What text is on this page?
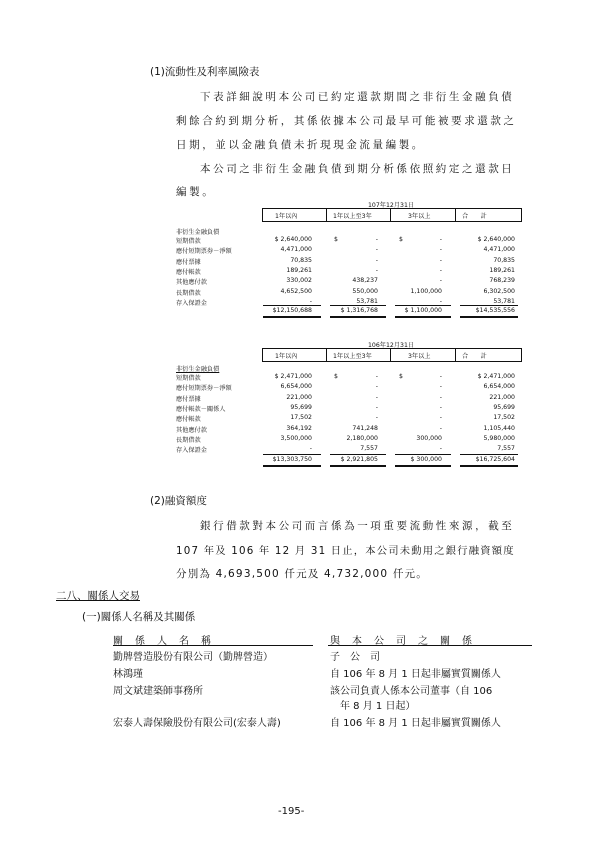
(1)流動性及利率風險表
下表詳細說明本公司已約定還款期間之非衍生金融負債
剩餘合約到期分析，其係依據本公司最早可能被要求還款之
日期，並以金融負債未折現現金流量編製。
本公司之非衍生金融負債到期分析係依照約定之還款日
編製。
107年12月31日
1年以內	1年以上至3年	3年以上	合　　計
非衍生金融負債
短期借款	$ 2,640,000	$	-	$	-	$ 2,640,000
應付短期票券－淨額	4,471,000	-	-	4,471,000
應付票據	70,835	-	-	70,835
應付帳款	189,261	-	-	189,261
其他應付款	330,002	438,237	-	768,239
長期借款	4,652,500	550,000	1,100,000	6,302,500
存入保證金	-	53,781	-	53,781
$12,150,688	$ 1,316,768	$ 1,100,000	$14,535,556
106年12月31日
1年以內	1年以上至3年	3年以上	合　　計
非衍生金融負債
短期借款	$ 2,471,000	$	-	$	-	$ 2,471,000
應付短期票券－淨額	6,654,000	-	-	6,654,000
應付票據	221,000	-	-	221,000
應付帳款－關係人	95,699	-	-	95,699
應付帳款	17,502	-	-	17,502
其他應付款	364,192	741,248	-	1,105,440
長期借款	3,500,000	2,180,000	300,000	5,980,000
存入保證金	-	7,557	-	7,557
$13,303,750	$ 2,921,805	$ 300,000	$16,725,604
(2)融資額度
銀行借款對本公司而言係為一項重要流動性來源，截至
107 年及 106 年 12 月 31 日止，本公司未動用之銀行融資額度
分別為 4,693,500 仟元及 4,732,000 仟元。
二八、關係人交易
(一)關係人名稱及其關係
關　係　人　名　稱	與　本　公　司　之　關　係
勤牌營造股份有限公司（勤牌營造）	子　公　司
林鴻瑾	自 106 年 8 月 1 日起非屬實質關係人
周文斌建築師事務所	該公司負責人係本公司董事（自 106
年 8 月 1 日起）
宏泰人壽保險股份有限公司(宏泰人壽)	自 106 年 8 月 1 日起非屬實質關係人
-195-
